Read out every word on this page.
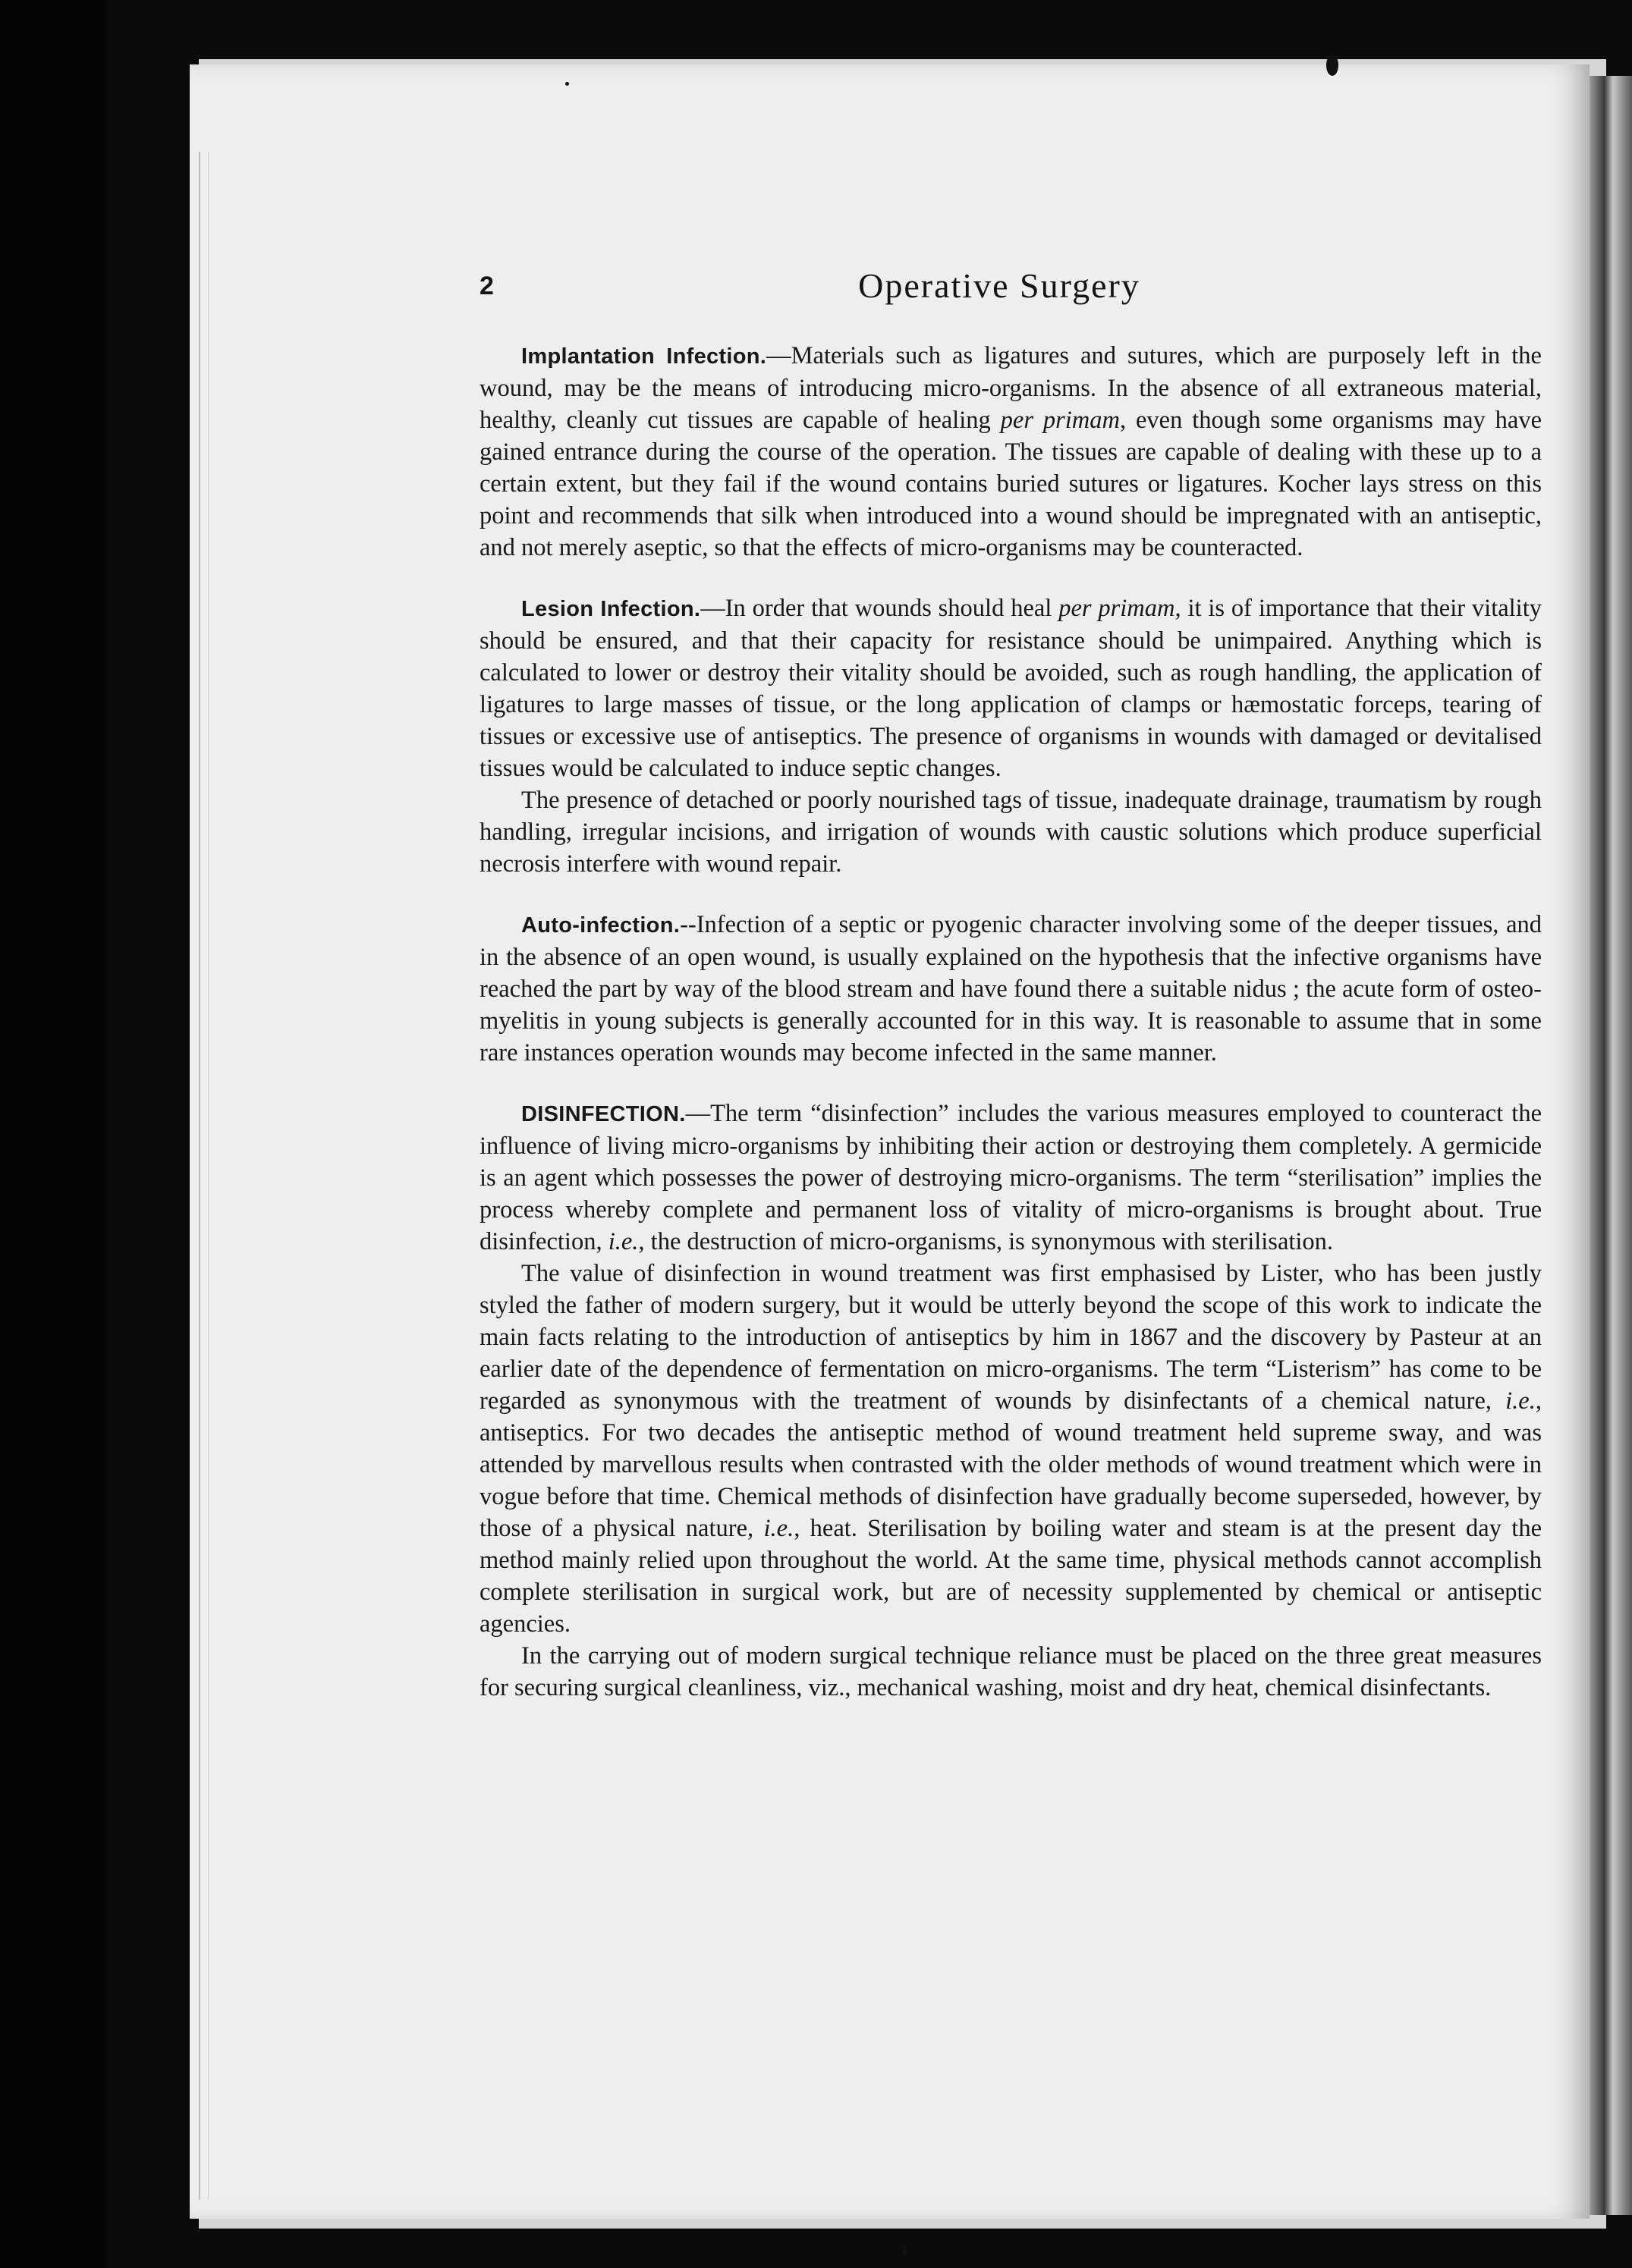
2	Operative Surgery

Implantation Infection.—Materials such as ligatures and sutures, which are purposely left in the wound, may be the means of introducing micro-organisms. In the absence of all extraneous material, healthy, cleanly cut tissues are capable of healing per primam, even though some organisms may have gained entrance during the course of the operation. The tissues are capable of dealing with these up to a certain extent, but they fail if the wound contains buried sutures or ligatures. Kocher lays stress on this point and recommends that silk when introduced into a wound should be impregnated with an antiseptic, and not merely aseptic, so that the effects of micro-organisms may be counteracted.

Lesion Infection.—In order that wounds should heal per primam, it is of importance that their vitality should be ensured, and that their capacity for resistance should be unimpaired. Anything which is calculated to lower or destroy their vitality should be avoided, such as rough handling, the application of ligatures to large masses of tissue, or the long application of clamps or hæmostatic forceps, tearing of tissues or excessive use of antiseptics. The presence of organisms in wounds with damaged or devitalised tissues would be calculated to induce septic changes.

The presence of detached or poorly nourished tags of tissue, inadequate drainage, traumatism by rough handling, irregular incisions, and irrigation of wounds with caustic solutions which produce superficial necrosis interfere with wound repair.

Auto-infection.--Infection of a septic or pyogenic character involving some of the deeper tissues, and in the absence of an open wound, is usually explained on the hypothesis that the infective organisms have reached the part by way of the blood stream and have found there a suitable nidus ; the acute form of osteo-myelitis in young subjects is generally accounted for in this way. It is reasonable to assume that in some rare instances operation wounds may become infected in the same manner.

DISINFECTION.—The term “disinfection” includes the various measures employed to counteract the influence of living micro-organisms by inhibiting their action or destroying them completely. A germicide is an agent which possesses the power of destroying micro-organisms. The term “sterilisation” implies the process whereby complete and permanent loss of vitality of micro-organisms is brought about. True disinfection, i.e., the destruction of micro-organisms, is synonymous with sterilisation.

The value of disinfection in wound treatment was first emphasised by Lister, who has been justly styled the father of modern surgery, but it would be utterly beyond the scope of this work to indicate the main facts relating to the introduction of antiseptics by him in 1867 and the discovery by Pasteur at an earlier date of the dependence of fermentation on micro-organisms. The term “Listerism” has come to be regarded as synonymous with the treatment of wounds by disinfectants of a chemical nature, i.e., antiseptics. For two decades the antiseptic method of wound treatment held supreme sway, and was attended by marvellous results when contrasted with the older methods of wound treatment which were in vogue before that time. Chemical methods of disinfection have gradually become superseded, however, by those of a physical nature, i.e., heat. Sterilisation by boiling water and steam is at the present day the method mainly relied upon throughout the world. At the same time, physical methods cannot accomplish complete sterilisation in surgical work, but are of necessity supplemented by chemical or antiseptic agencies.

In the carrying out of modern surgical technique reliance must be placed on the three great measures for securing surgical cleanliness, viz., mechanical washing, moist and dry heat, chemical disinfectants.
